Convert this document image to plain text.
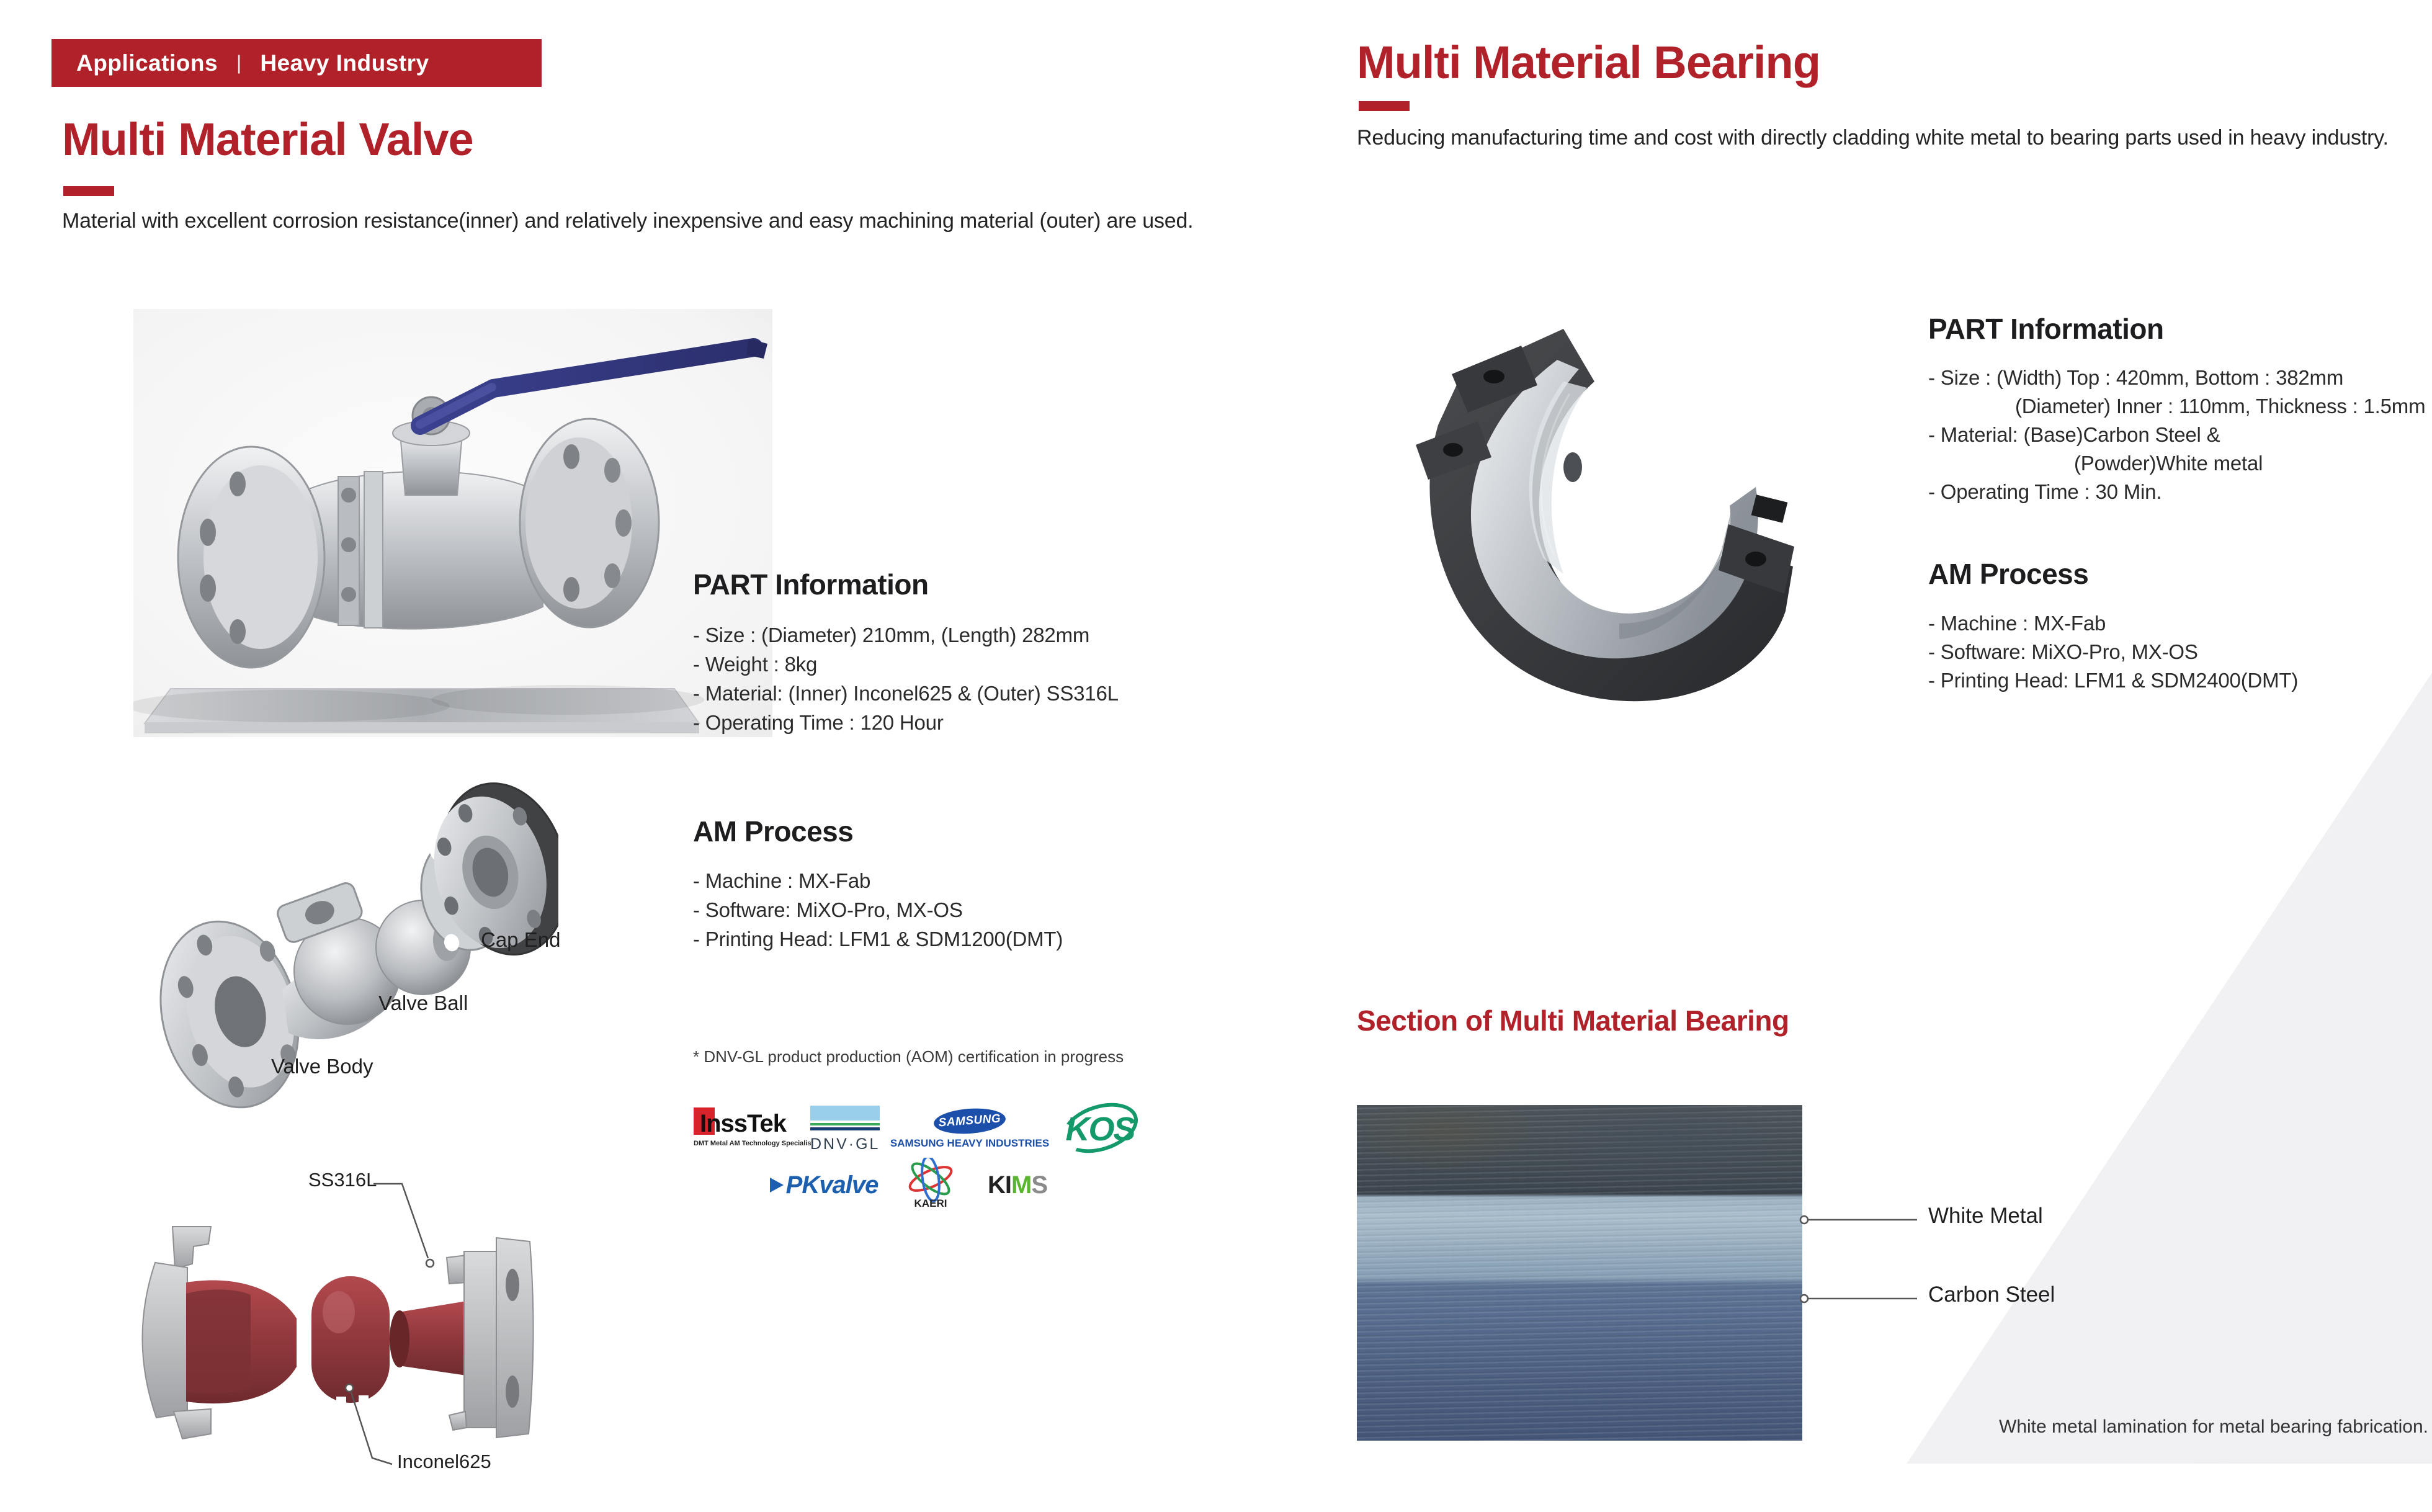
Applications | Heavy Industry
Multi Material Valve
Material with excellent corrosion resistance(inner) and relatively inexpensive and easy machining material (outer) are used.
PART Information
- Size : (Diameter) 210mm, (Length) 282mm
- Weight : 8kg
- Material: (Inner) Inconel625 & (Outer) SS316L
- Operating Time : 120 Hour
AM Process
- Machine : MX-Fab
- Software: MiXO-Pro, MX-OS
- Printing Head: LFM1 & SDM1200(DMT)
* DNV-GL product production (AOM) certification in progress
Cap End
Valve Ball
Valve Body
SS316L
Inconel625
InssTek
DMT Metal AM Technology Specialist
DNV·GL
SAMSUNG
SAMSUNG HEAVY INDUSTRIES KOS
PKvalve
KAERI
KI M S
Multi Material Bearing
Reducing manufacturing time and cost with directly cladding white metal to bearing parts used in heavy industry.
PART Information
- Size : (Width) Top : 420mm, Bottom : 382mm
(Diameter) Inner : 110mm, Thickness : 1.5mm
- Material: (Base)Carbon Steel &
(Powder)White metal
- Operating Time : 30 Min.
AM Process
- Machine : MX-Fab
- Software: MiXO-Pro, MX-OS
- Printing Head: LFM1 & SDM2400(DMT)
Section of Multi Material Bearing
White Metal
Carbon Steel
White metal lamination for metal bearing fabrication.
